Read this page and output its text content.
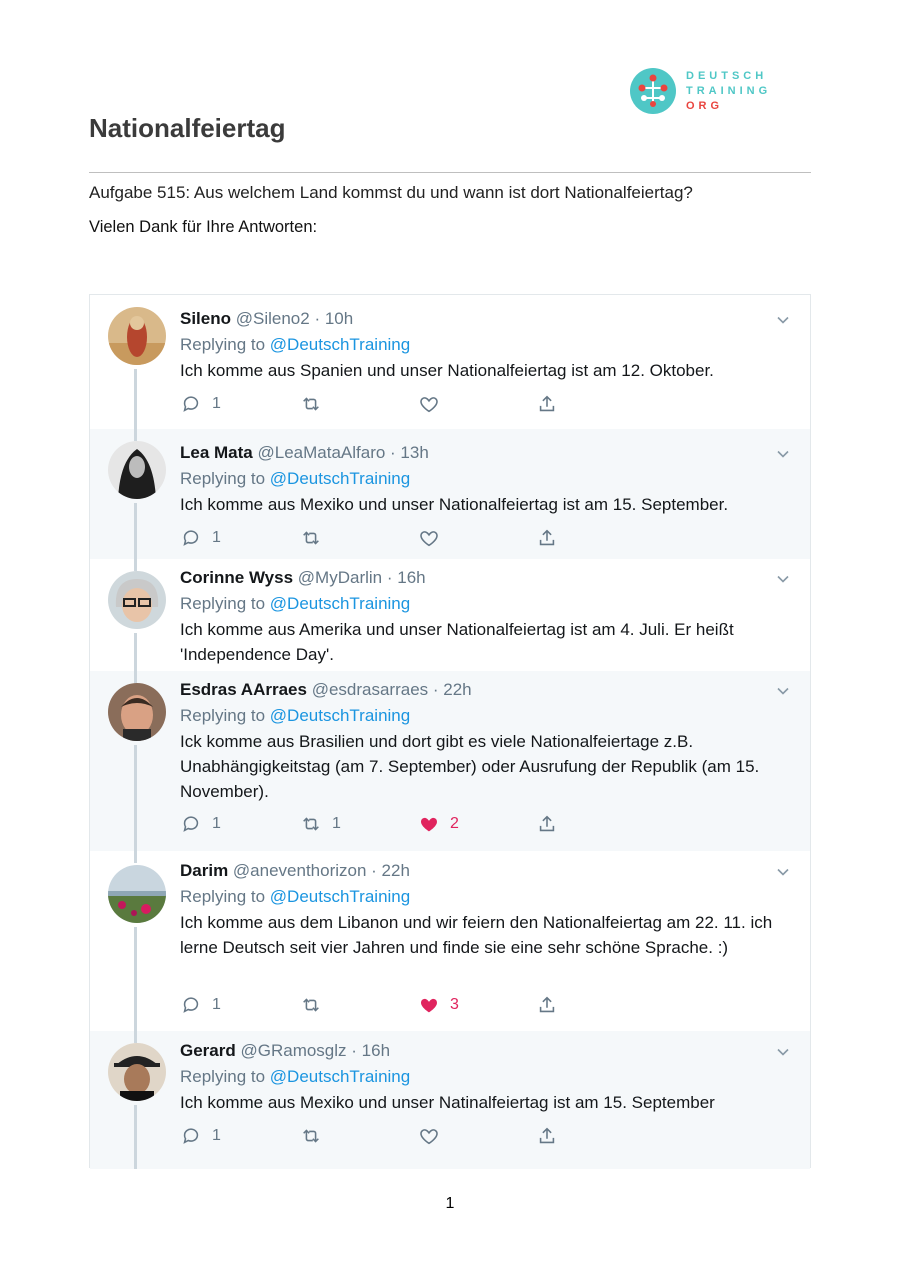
DEUTSCH
TRAINING
ORG
Nationalfeiertag
Aufgabe 515: Aus welchem Land kommst du und wann ist dort Nationalfeiertag?
Vielen Dank für Ihre Antworten:
Sileno @Sileno2 · 10h
Replying to @DeutschTraining
Ich komme aus Spanien und unser Nationalfeiertag ist am 12. Oktober.
1
Lea Mata @LeaMataAlfaro · 13h
Replying to @DeutschTraining
Ich komme aus Mexiko und unser Nationalfeiertag ist am 15. September.
1
Corinne Wyss @MyDarlin · 16h
Replying to @DeutschTraining
Ich komme aus Amerika und unser Nationalfeiertag ist am 4. Juli. Er heißt 'Independence Day'.
Esdras AArraes @esdrasarraes · 22h
Replying to @DeutschTraining
Ick komme aus Brasilien und dort gibt es viele Nationalfeiertage z.B. Unabhängigkeitstag (am 7. September) oder Ausrufung der Republik (am 15. November).
1	1	2
Darim @aneventhorizon · 22h
Replying to @DeutschTraining
Ich komme aus dem Libanon und wir feiern den Nationalfeiertag am 22. 11. ich lerne Deutsch seit vier Jahren und finde sie eine sehr schöne Sprache. :)
1	3
Gerard @GRamosglz · 16h
Replying to @DeutschTraining
Ich komme aus Mexiko und unser Natinalfeiertag ist am 15. September
1
1
